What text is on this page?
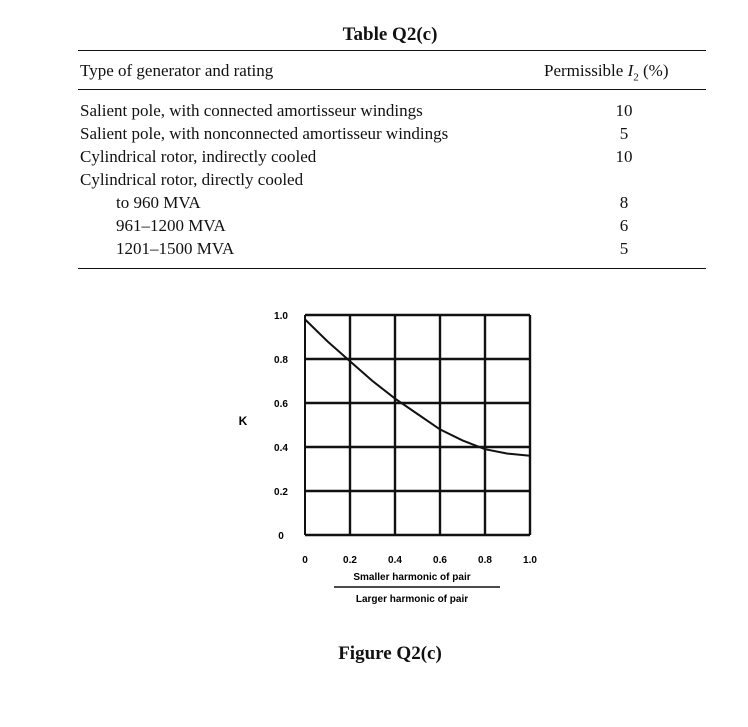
Table Q2(c)
Type of generator and rating	Permissible $I_2$ (%)
Salient pole, with connected amortisseur windings	10
Salient pole, with nonconnected amortisseur windings	5
Cylindrical rotor, indirectly cooled	10
Cylindrical rotor, directly cooled
to 960 MVA	8
961–1200 MVA	6
1201–1500 MVA	5
0	0.2	0.4	0.6	0.8	1.0
0
0.2
0.4
0.6
0.8
1.0
K
Smaller harmonic of pair
Larger harmonic of pair
Figure Q2(c)
